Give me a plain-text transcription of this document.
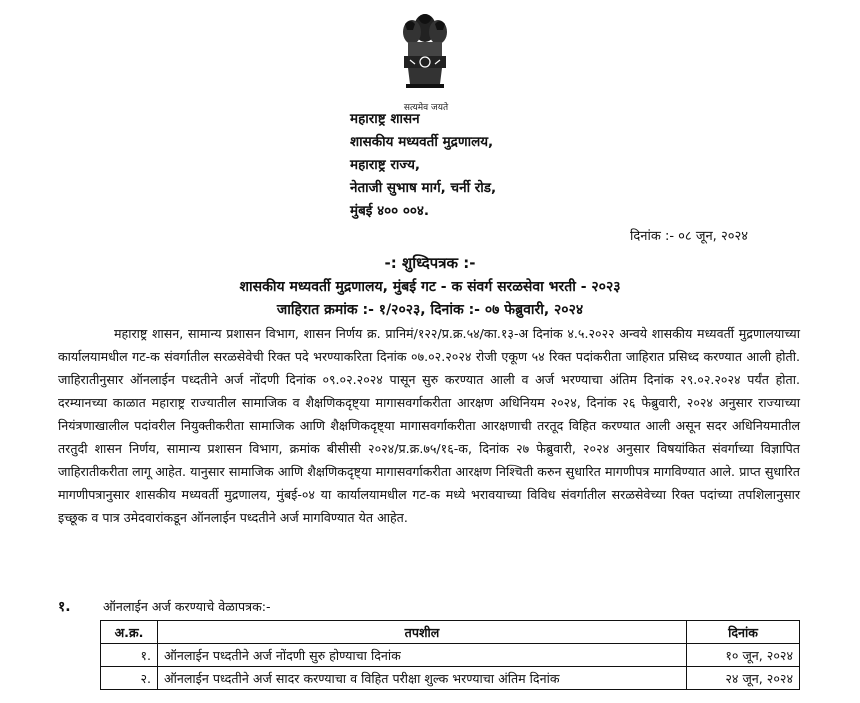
सत्यमेव जयते
महाराष्ट्र शासन
शासकीय मध्यवर्ती मुद्रणालय,
महाराष्ट्र राज्य,
नेताजी सुभाष मार्ग, चर्नी रोड,
मुंबई ४०० ००४.
दिनांक :- ०८ जून, २०२४
-: शुध्दिपत्रक :-
शासकीय मध्यवर्ती मुद्रणालय, मुंबई गट - क संवर्ग सरळसेवा भरती - २०२३
जाहिरात क्रमांक :- १/२०२३, दिनांक :- ०७ फेब्रुवारी, २०२४
महाराष्ट्र शासन, सामान्य प्रशासन विभाग, शासन निर्णय क्र. प्रानिमं/१२२/प्र.क्र.५४/का.१३-अ दिनांक ४.५.२०२२ अन्वये शासकीय मध्यवर्ती मुद्रणालयाच्या कार्यालयामधील गट-क संवर्गातील सरळसेवेची रिक्त पदे भरण्याकरिता दिनांक ०७.०२.२०२४ रोजी एकूण ५४ रिक्त पदांकरीता जाहिरात प्रसिध्द करण्यात आली होती. जाहिरातीनुसार ऑनलाईन पध्दतीने अर्ज नोंदणी दिनांक ०९.०२.२०२४ पासून सुरु करण्यात आली व अर्ज भरण्याचा अंतिम दिनांक २९.०२.२०२४ पर्यंत होता. दरम्यानच्या काळात महाराष्ट्र राज्यातील सामाजिक व शैक्षणिकदृष्ट्या मागासवर्गाकरीता आरक्षण अधिनियम २०२४, दिनांक २६ फेब्रुवारी, २०२४ अनुसार राज्याच्या नियंत्रणाखालील पदांवरील नियुक्तीकरीता सामाजिक आणि शैक्षणिकदृष्ट्या मागासवर्गाकरीता आरक्षणाची तरतूद विहित करण्यात आली असून सदर अधिनियमातील तरतुदी शासन निर्णय, सामान्य प्रशासन विभाग, क्रमांक बीसीसी २०२४/प्र.क्र.७५/१६-क, दिनांक २७ फेब्रुवारी, २०२४ अनुसार विषयांकित संवर्गाच्या विज्ञापित जाहिरातीकरीता लागू आहेत. यानुसार सामाजिक आणि शैक्षणिकदृष्ट्या मागासवर्गाकरीता आरक्षण निश्चिती करुन सुधारित मागणीपत्र मागविण्यात आले. प्राप्त सुधारित मागणीपत्रानुसार शासकीय मध्यवर्ती मुद्रणालय, मुंबई-०४ या कार्यालयामधील गट-क मध्ये भरावयाच्या विविध संवर्गातील सरळसेवेच्या रिक्त पदांच्या तपशिलानुसार इच्छूक व पात्र उमेदवारांकडून ऑनलाईन पध्दतीने अर्ज मागविण्यात येत आहेत.
१.	ऑनलाईन अर्ज करण्याचे वेळापत्रक:-
अ.क्र.	तपशील	दिनांक
१.	ऑनलाईन पध्दतीने अर्ज नोंदणी सुरु होण्याचा दिनांक	१० जून, २०२४
२.	ऑनलाईन पध्दतीने अर्ज सादर करण्याचा व विहित परीक्षा शुल्क भरण्याचा अंतिम दिनांक	२४ जून, २०२४
